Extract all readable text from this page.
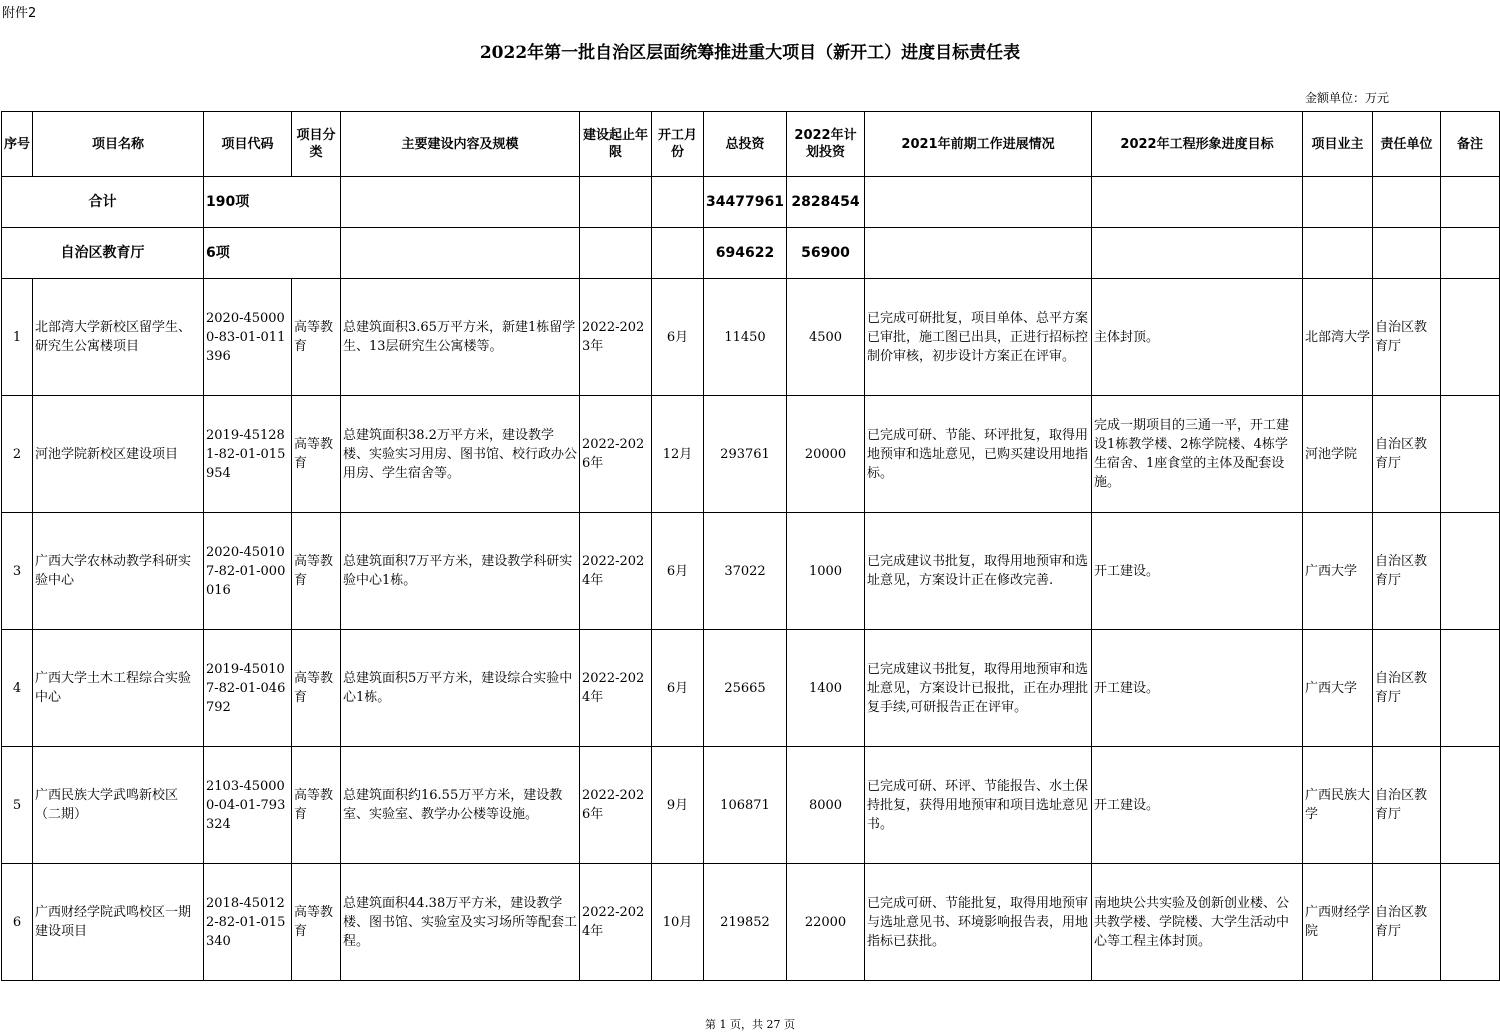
附件2
2022年第一批自治区层面统筹推进重大项目（新开工）进度目标责任表
金额单位：万元
序号	项目名称	项目代码	项目分类	主要建设内容及规模	建设起止年限	开工月份	总投资	2022年计划投资	2021年前期工作进展情况	2022年工程形象进度目标	项目业主	责任单位	备注
合计		190项					34477961	2828454					
自治区教育厅		6项					694622	56900					
1	北部湾大学新校区留学生、研究生公寓楼项目	2020-450000-83-01-011396	高等教育	总建筑面积3.65万平方米，新建1栋留学生、13层研究生公寓楼等。	2022-2023年	6月	11450	4500	已完成可研批复，项目单体、总平方案已审批，施工图已出具，正进行招标控制价审核，初步设计方案正在评审。	主体封顶。	北部湾大学	自治区教育厅	
2	河池学院新校区建设项目	2019-451281-82-01-015954	高等教育	总建筑面积38.2万平方米，建设教学楼、实验实习用房、图书馆、校行政办公用房、学生宿舍等。	2022-2026年	12月	293761	20000	已完成可研、节能、环评批复，取得用地预审和选址意见，已购买建设用地指标。	完成一期项目的三通一平，开工建设1栋教学楼、2栋学院楼、4栋学生宿舍、1座食堂的主体及配套设施。	河池学院	自治区教育厅	
3	广西大学农林动教学科研实验中心	2020-450107-82-01-000016	高等教育	总建筑面积7万平方米，建设教学科研实验中心1栋。	2022-2024年	6月	37022	1000	已完成建议书批复，取得用地预审和选址意见，方案设计正在修改完善.	开工建设。	广西大学	自治区教育厅	
4	广西大学土木工程综合实验中心	2019-450107-82-01-046792	高等教育	总建筑面积5万平方米，建设综合实验中心1栋。	2022-2024年	6月	25665	1400	已完成建议书批复，取得用地预审和选址意见，方案设计已报批，正在办理批复手续,可研报告正在评审。	开工建设。	广西大学	自治区教育厅	
5	广西民族大学武鸣新校区（二期）	2103-450000-04-01-793324	高等教育	总建筑面积约16.55万平方米，建设教室、实验室、教学办公楼等设施。	2022-2026年	9月	106871	8000	已完成可研、环评、节能报告、水土保持批复，获得用地预审和项目选址意见书。	开工建设。	广西民族大学	自治区教育厅	
6	广西财经学院武鸣校区一期建设项目	2018-450122-82-01-015340	高等教育	总建筑面积44.38万平方米，建设教学楼、图书馆、实验室及实习场所等配套工程。	2022-2024年	10月	219852	22000	已完成可研、节能批复，取得用地预审与选址意见书、环境影响报告表，用地指标已获批。	南地块公共实验及创新创业楼、公共教学楼、学院楼、大学生活动中心等工程主体封顶。	广西财经学院	自治区教育厅	
第 1 页，共 27 页
